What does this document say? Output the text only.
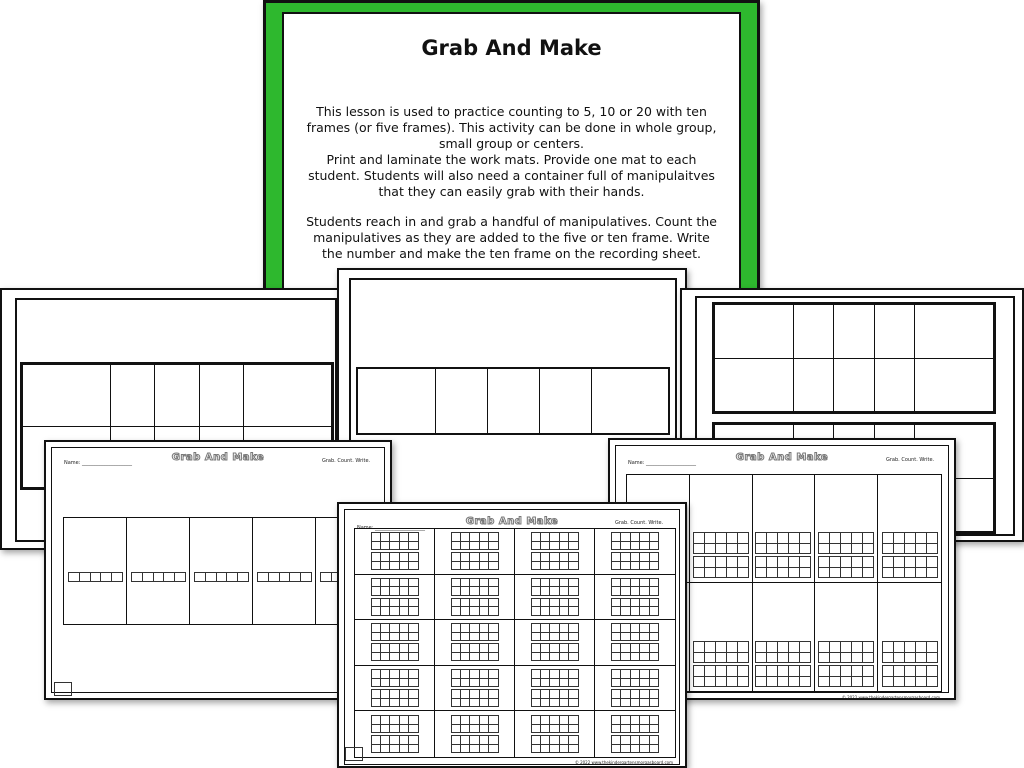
Grab And Make
This lesson is used to practice counting to 5, 10 or 20 with ten frames (or five frames). This activity can be done in whole group, small group or centers.
Print and laminate the work mats. Provide one mat to each student. Students will also need a container full of manipulaitves that they can easily grab with their hands.
Students reach in and grab a handful of manipulatives. Count the manipulatives as they are added to the five or ten frame. Write the number and make the ten frame on the recording sheet.

Name: ____________________	Grab And Make	Grab. Count. Write.

					Name: ____________________	Grab And Make	Grab. Count. Write.

© 2022 www.thekindergartensmorgasboard.com
Name: ____________________
Grab And Make	Grab. Count. Write.

© 2022 www.thekindergartensmorgasboard.com
